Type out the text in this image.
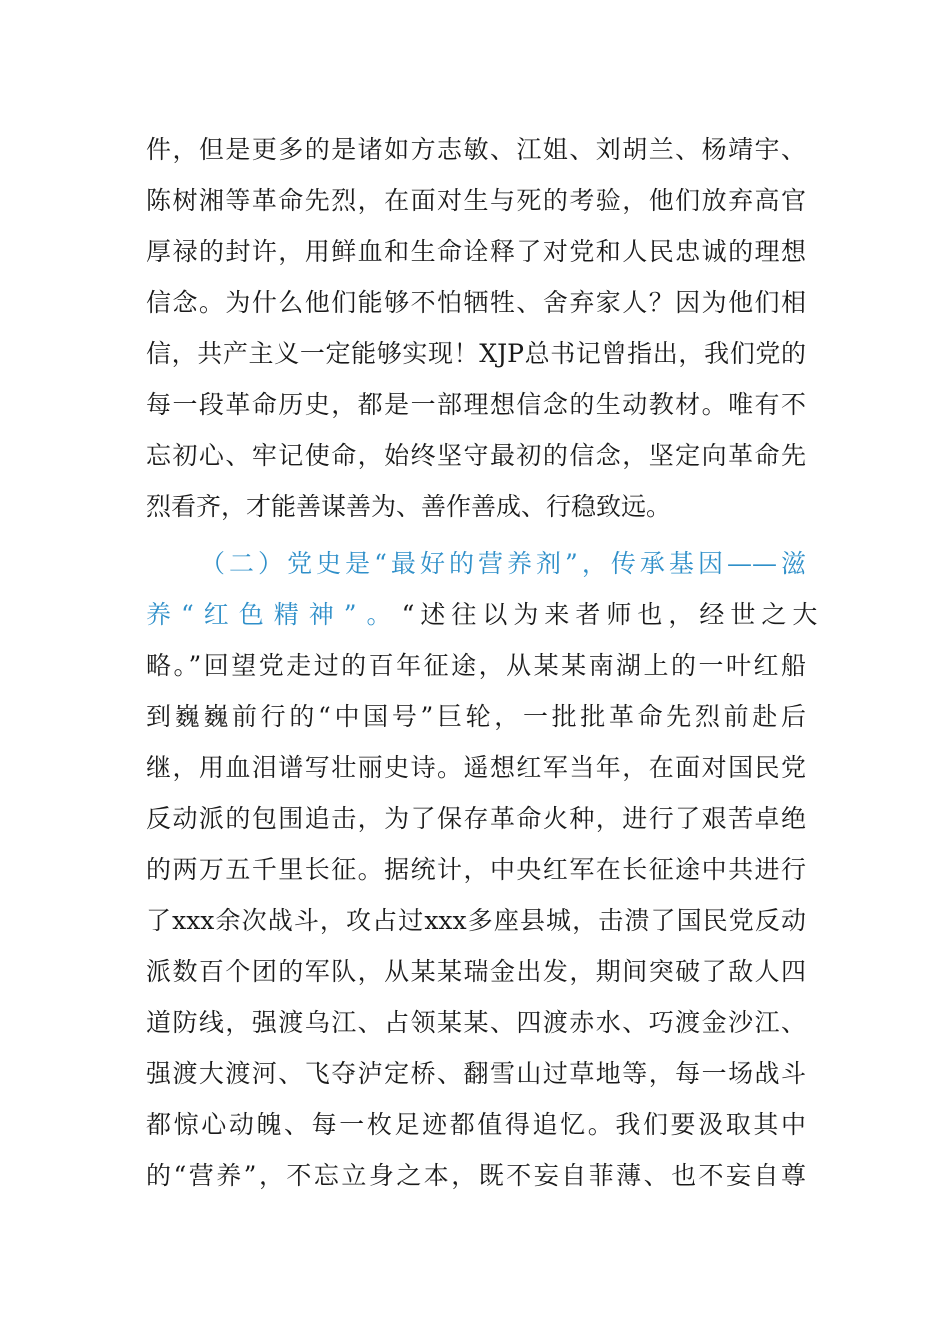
件，但是更多的是诸如方志敏、江姐、刘胡兰、杨靖宇、
陈树湘等革命先烈，在面对生与死的考验，他们放弃高官
厚禄的封许，用鲜血和生命诠释了对党和人民忠诚的理想
信念。为什么他们能够不怕牺牲、舍弃家人？因为他们相
信，共产主义一定能够实现！XJP总书记曾指出，我们党的
每一段革命历史，都是一部理想信念的生动教材。唯有不
忘初心、牢记使命，始终坚守最初的信念，坚定向革命先
烈看齐，才能善谋善为、善作善成、行稳致远。
（二）党史是“最好的营养剂”，传承基因——滋
养“红色精神”。 “述往以为来者师也，经世之大
略。”回望党走过的百年征途，从某某南湖上的一叶红船
到巍巍前行的“中国号”巨轮，一批批革命先烈前赴后
继，用血泪谱写壮丽史诗。遥想红军当年，在面对国民党
反动派的包围追击，为了保存革命火种，进行了艰苦卓绝
的两万五千里长征。据统计，中央红军在长征途中共进行
了xxx余次战斗，攻占过xxx多座县城，击溃了国民党反动
派数百个团的军队，从某某瑞金出发，期间突破了敌人四
道防线，强渡乌江、占领某某、四渡赤水、巧渡金沙江、
强渡大渡河、飞夺泸定桥、翻雪山过草地等，每一场战斗
都惊心动魄、每一枚足迹都值得追忆。我们要汲取其中
的“营养”，不忘立身之本，既不妄自菲薄、也不妄自尊
